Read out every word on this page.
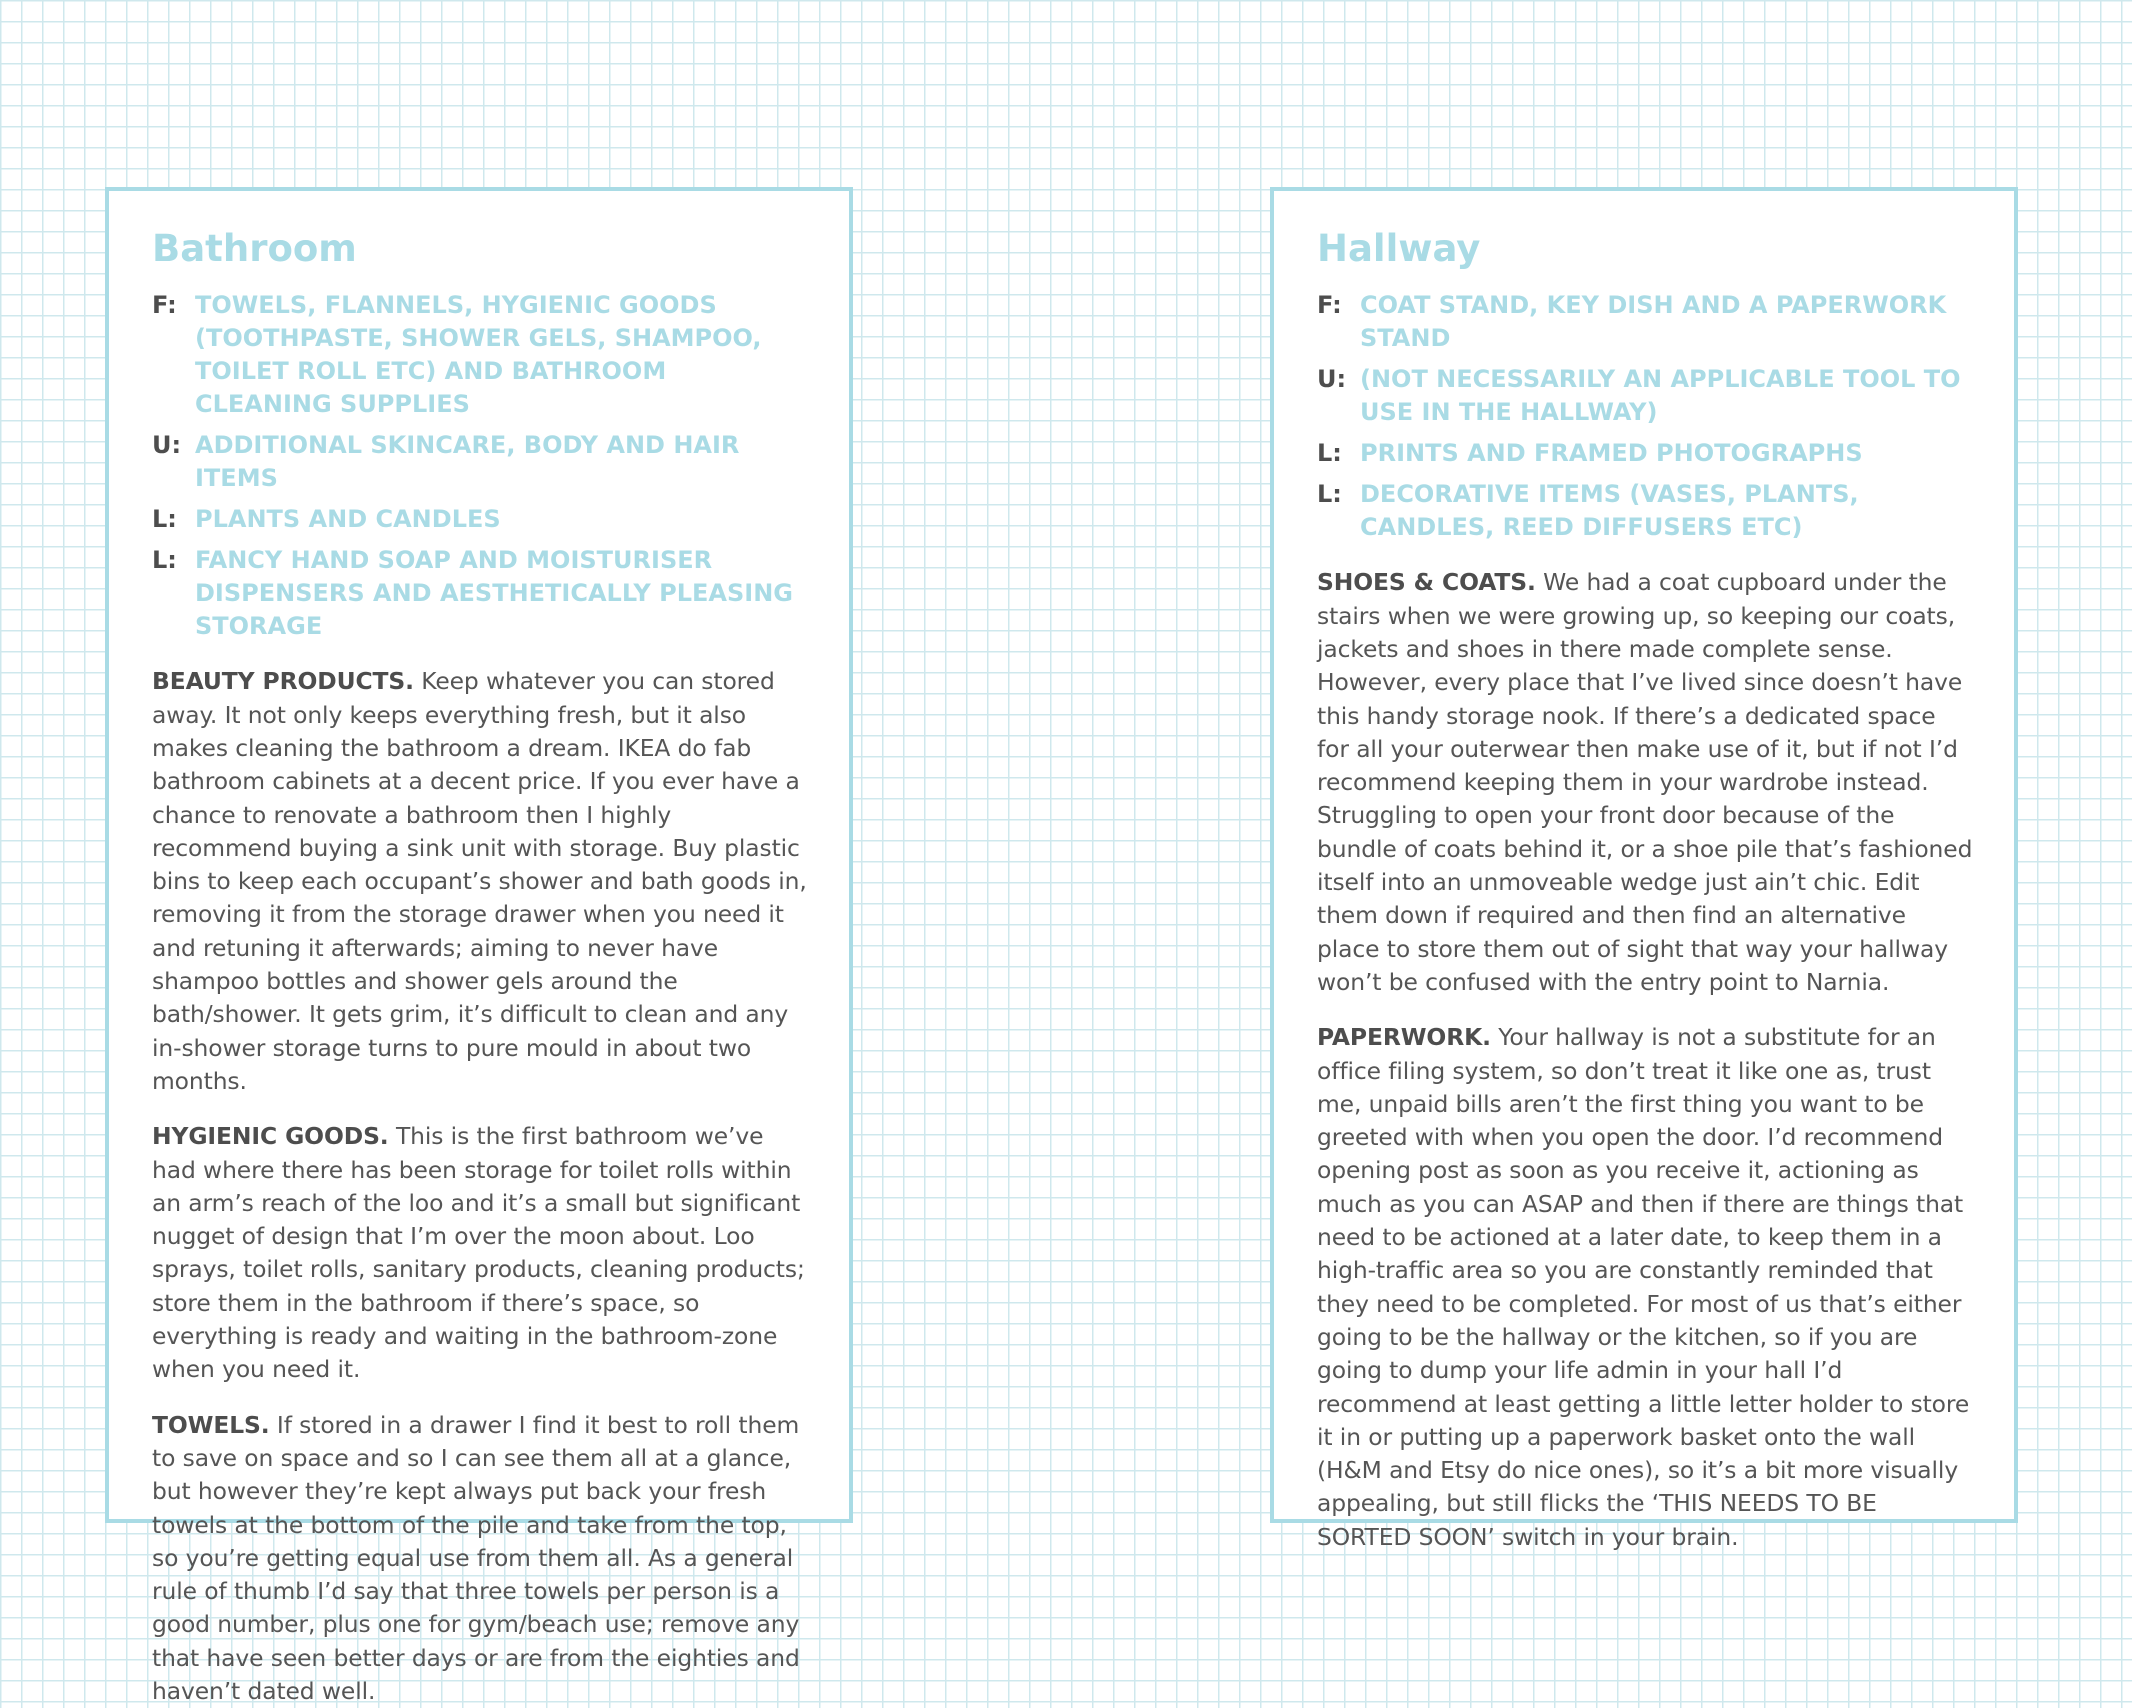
Bathroom
F: TOWELS, FLANNELS, HYGIENIC GOODS (TOOTHPASTE, SHOWER GELS, SHAMPOO, TOILET ROLL ETC) AND BATHROOM CLEANING SUPPLIES
U: ADDITIONAL SKINCARE, BODY AND HAIR ITEMS
L: PLANTS AND CANDLES
L: FANCY HAND SOAP AND MOISTURISER DISPENSERS AND AESTHETICALLY PLEASING STORAGE

BEAUTY PRODUCTS. Keep whatever you can stored away. It not only keeps everything fresh, but it also makes cleaning the bathroom a dream. IKEA do fab bathroom cabinets at a decent price. If you ever have a chance to renovate a bathroom then I highly recommend buying a sink unit with storage. Buy plastic bins to keep each occupant’s shower and bath goods in, removing it from the storage drawer when you need it and retuning it afterwards; aiming to never have shampoo bottles and shower gels around the bath/shower. It gets grim, it’s difficult to clean and any in-shower storage turns to pure mould in about two months.

HYGIENIC GOODS. This is the first bathroom we’ve had where there has been storage for toilet rolls within an arm’s reach of the loo and it’s a small but significant nugget of design that I’m over the moon about. Loo sprays, toilet rolls, sanitary products, cleaning products; store them in the bathroom if there’s space, so everything is ready and waiting in the bathroom-zone when you need it.

TOWELS. If stored in a drawer I find it best to roll them to save on space and so I can see them all at a glance, but however they’re kept always put back your fresh towels at the bottom of the pile and take from the top, so you’re getting equal use from them all. As a general rule of thumb I’d say that three towels per person is a good number, plus one for gym/beach use; remove any that have seen better days or are from the eighties and haven’t dated well.

Hallway
F: COAT STAND, KEY DISH AND A PAPERWORK STAND
U: (NOT NECESSARILY AN APPLICABLE TOOL TO USE IN THE HALLWAY)
L: PRINTS AND FRAMED PHOTOGRAPHS
L: DECORATIVE ITEMS (VASES, PLANTS, CANDLES, REED DIFFUSERS ETC)

SHOES & COATS. We had a coat cupboard under the stairs when we were growing up, so keeping our coats, jackets and shoes in there made complete sense. However, every place that I’ve lived since doesn’t have this handy storage nook. If there’s a dedicated space for all your outerwear then make use of it, but if not I’d recommend keeping them in your wardrobe instead. Struggling to open your front door because of the bundle of coats behind it, or a shoe pile that’s fashioned itself into an unmoveable wedge just ain’t chic. Edit them down if required and then find an alternative place to store them out of sight that way your hallway won’t be confused with the entry point to Narnia.

PAPERWORK. Your hallway is not a substitute for an office filing system, so don’t treat it like one as, trust me, unpaid bills aren’t the first thing you want to be greeted with when you open the door. I’d recommend opening post as soon as you receive it, actioning as much as you can ASAP and then if there are things that need to be actioned at a later date, to keep them in a high-traffic area so you are constantly reminded that they need to be completed. For most of us that’s either going to be the hallway or the kitchen, so if you are going to dump your life admin in your hall I’d recommend at least getting a little letter holder to store it in or putting up a paperwork basket onto the wall (H&M and Etsy do nice ones), so it’s a bit more visually appealing, but still flicks the ‘THIS NEEDS TO BE SORTED SOON’ switch in your brain.
